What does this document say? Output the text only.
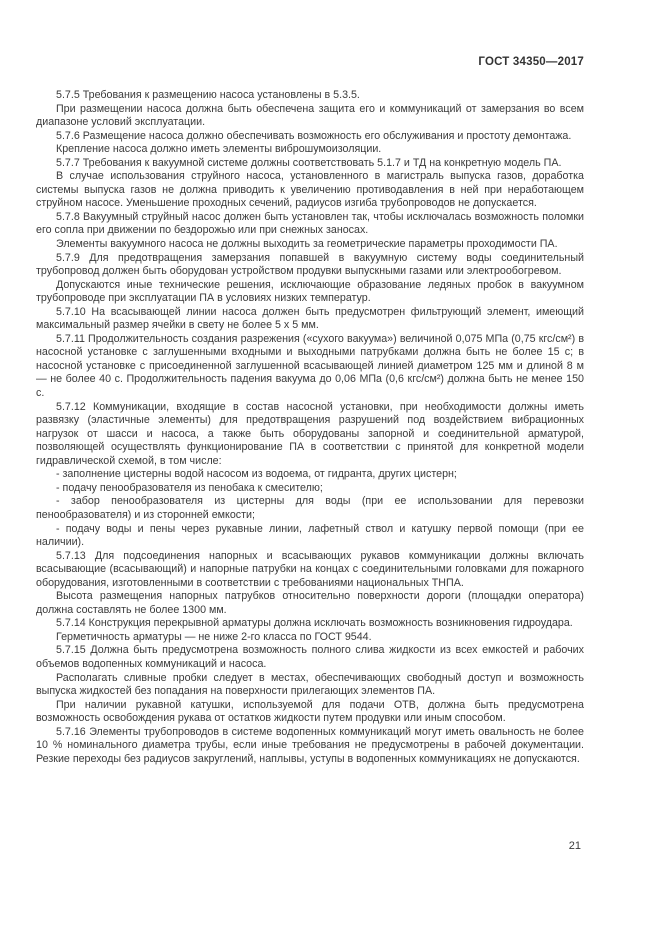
ГОСТ 34350—2017

5.7.5 Требования к размещению насоса установлены в 5.3.5.

При размещении насоса должна быть обеспечена защита его и коммуникаций от замерзания во всем диапазоне условий эксплуатации.

5.7.6 Размещение насоса должно обеспечивать возможность его обслуживания и простоту демонтажа.

Крепление насоса должно иметь элементы виброшумоизоляции.

5.7.7 Требования к вакуумной системе должны соответствовать 5.1.7 и ТД на конкретную модель ПА.

В случае использования струйного насоса, установленного в магистраль выпуска газов, доработка системы выпуска газов не должна приводить к увеличению противодавления в ней при неработающем струйном насосе. Уменьшение проходных сечений, радиусов изгиба трубопроводов не допускается.

5.7.8 Вакуумный струйный насос должен быть установлен так, чтобы исключалась возможность поломки его сопла при движении по бездорожью или при снежных заносах.

Элементы вакуумного насоса не должны выходить за геометрические параметры проходимости ПА.

5.7.9 Для предотвращения замерзания попавшей в вакуумную систему воды соединительный трубопровод должен быть оборудован устройством продувки выпускными газами или электрообогревом.

Допускаются иные технические решения, исключающие образование ледяных пробок в вакуумном трубопроводе при эксплуатации ПА в условиях низких температур.

5.7.10 На всасывающей линии насоса должен быть предусмотрен фильтрующий элемент, имеющий максимальный размер ячейки в свету не более 5 x 5 мм.

5.7.11 Продолжительность создания разрежения («сухого вакуума») величиной 0,075 МПа (0,75 кгс/см²) в насосной установке с заглушенными входными и выходными патрубками должна быть не более 15 с; в насосной установке с присоединенной заглушенной всасывающей линией диаметром 125 мм и длиной 8 м — не более 40 с. Продолжительность падения вакуума до 0,06 МПа (0,6 кгс/см²) должна быть не менее 150 с.

5.7.12 Коммуникации, входящие в состав насосной установки, при необходимости должны иметь развязку (эластичные элементы) для предотвращения разрушений под воздействием вибрационных нагрузок от шасси и насоса, а также быть оборудованы запорной и соединительной арматурой, позволяющей осуществлять функционирование ПА в соответствии с принятой для конкретной модели гидравлической схемой, в том числе:

- заполнение цистерны водой насосом из водоема, от гидранта, других цистерн;

- подачу пенообразователя из пенобака к смесителю;

- забор пенообразователя из цистерны для воды (при ее использовании для перевозки пенообразователя) и из сторонней емкости;

- подачу воды и пены через рукавные линии, лафетный ствол и катушку первой помощи (при ее наличии).

5.7.13 Для подсоединения напорных и всасывающих рукавов коммуникации должны включать всасывающие (всасывающий) и напорные патрубки на концах с соединительными головками для пожарного оборудования, изготовленными в соответствии с требованиями национальных ТНПА.

Высота размещения напорных патрубков относительно поверхности дороги (площадки оператора) должна составлять не более 1300 мм.

5.7.14 Конструкция перекрывной арматуры должна исключать возможность возникновения гидроудара.

Герметичность арматуры — не ниже 2-го класса по ГОСТ 9544.

5.7.15 Должна быть предусмотрена возможность полного слива жидкости из всех емкостей и рабочих объемов водопенных коммуникаций и насоса.

Располагать сливные пробки следует в местах, обеспечивающих свободный доступ и возможность выпуска жидкостей без попадания на поверхности прилегающих элементов ПА.

При наличии рукавной катушки, используемой для подачи ОТВ, должна быть предусмотрена возможность освобождения рукава от остатков жидкости путем продувки или иным способом.

5.7.16 Элементы трубопроводов в системе водопенных коммуникаций могут иметь овальность не более 10 % номинального диаметра трубы, если иные требования не предусмотрены в рабочей документации. Резкие переходы без радиусов закруглений, наплывы, уступы в водопенных коммуникациях не допускаются.

21
